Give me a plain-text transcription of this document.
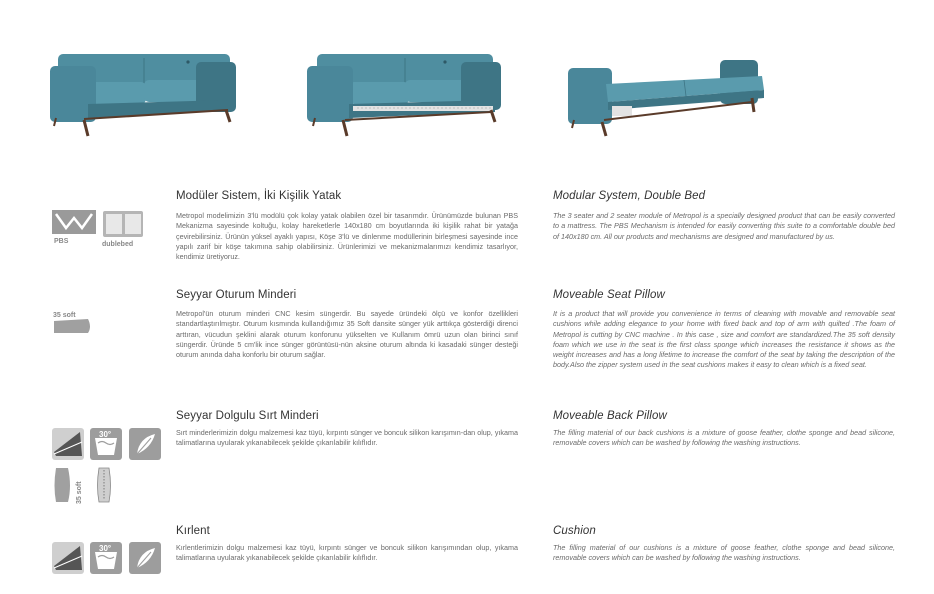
PBS	dublebed
Modüler Sistem, İki Kişilik Yatak
Metropol modelimizin 3'lü modülü çok kolay yatak olabilen özel bir tasarımdır. Ürünümüzde bulunan PBS Mekanizma sayesinde koltuğu, kolay hareketlerle 140x180 cm boyutlarında iki kişilik rahat bir yatağa çevirebilirsiniz. Ürünün yüksel ayaklı yapısı, Köşe 3'lü ve dinlenme modüllerinin birleşmesi sayesinde ince yapılı zarif bir köşe takımına sahip olabilirsiniz. Ürünlerimizi ve mekanizmalarımızı kendimiz tasarlıyor, kendimiz üretiyoruz.
Modular System, Double Bed
The 3 seater and 2 seater module of Metropol is a specially designed product that can be easily converted to a mattress. The PBS Mechanism is intended for easily converting this suite to a comfortable double bed of 140x180 cm. All our products and mechanisms are designed and manufactured by us.
35 soft
Seyyar Oturum Minderi
Metropol'ün oturum minderi CNC kesim süngerdir. Bu sayede üründeki ölçü ve konfor özellikleri standartlaştırılmıştır. Oturum kısmında kullandığımız 35 Soft dansite sünger yük arttıkça gösterdiği direnci arttıran, vücudun şeklini alarak oturum konforunu yükselten ve Kullanım ömrü uzun olan birinci sınıf süngerdir. Üründe 5 cm'lik ince sünger görüntüsü-nün aksine oturum altında ki kasadaki sünger desteği oturum anında daha konforlu bir oturum sağlar.
Moveable Seat Pillow
It is a product that will provide you convenience in terms of cleaning with movable and removable seat cushions while adding elegance to your home with fixed back and top of arm with quilted .The foam of Metropol is cutting by CNC machine . In this case , size and comfort are standardized.The 35 soft density foam which we use in the seat is the first class sponge which increases the resistance it shows as the weight increases and has a long lifetime to increase the comfort of the seat by taking the description of the body.Also the zipper system used in the seat cushions makes it easy to clean which is a fixed seat.
30°
35 soft
Seyyar Dolgulu Sırt Minderi
Sırt minderlerimizin dolgu malzemesi kaz tüyü, kırpıntı sünger ve boncuk silikon karışımın-dan olup, yıkama talimatlarına uyularak yıkanabilecek şekilde çıkarılabilir kılıflıdır.
Moveable Back Pillow
The filling material of our back cushions is a mixture of goose feather, clothe sponge and bead silicone, removable covers which can be washed by following the washing instructions.
30°
Kırlent
Kırlentlerimizin dolgu malzemesi kaz tüyü, kırpıntı sünger ve boncuk silikon karışımından olup, yıkama talimatlarına uyularak yıkanabilecek şekilde çıkarılabilir kılıflıdır.
Cushion
The filling material of our cushions is a mixture of goose feather, clothe sponge and bead silicone, removable covers which can be washed by following the washing instructions.
